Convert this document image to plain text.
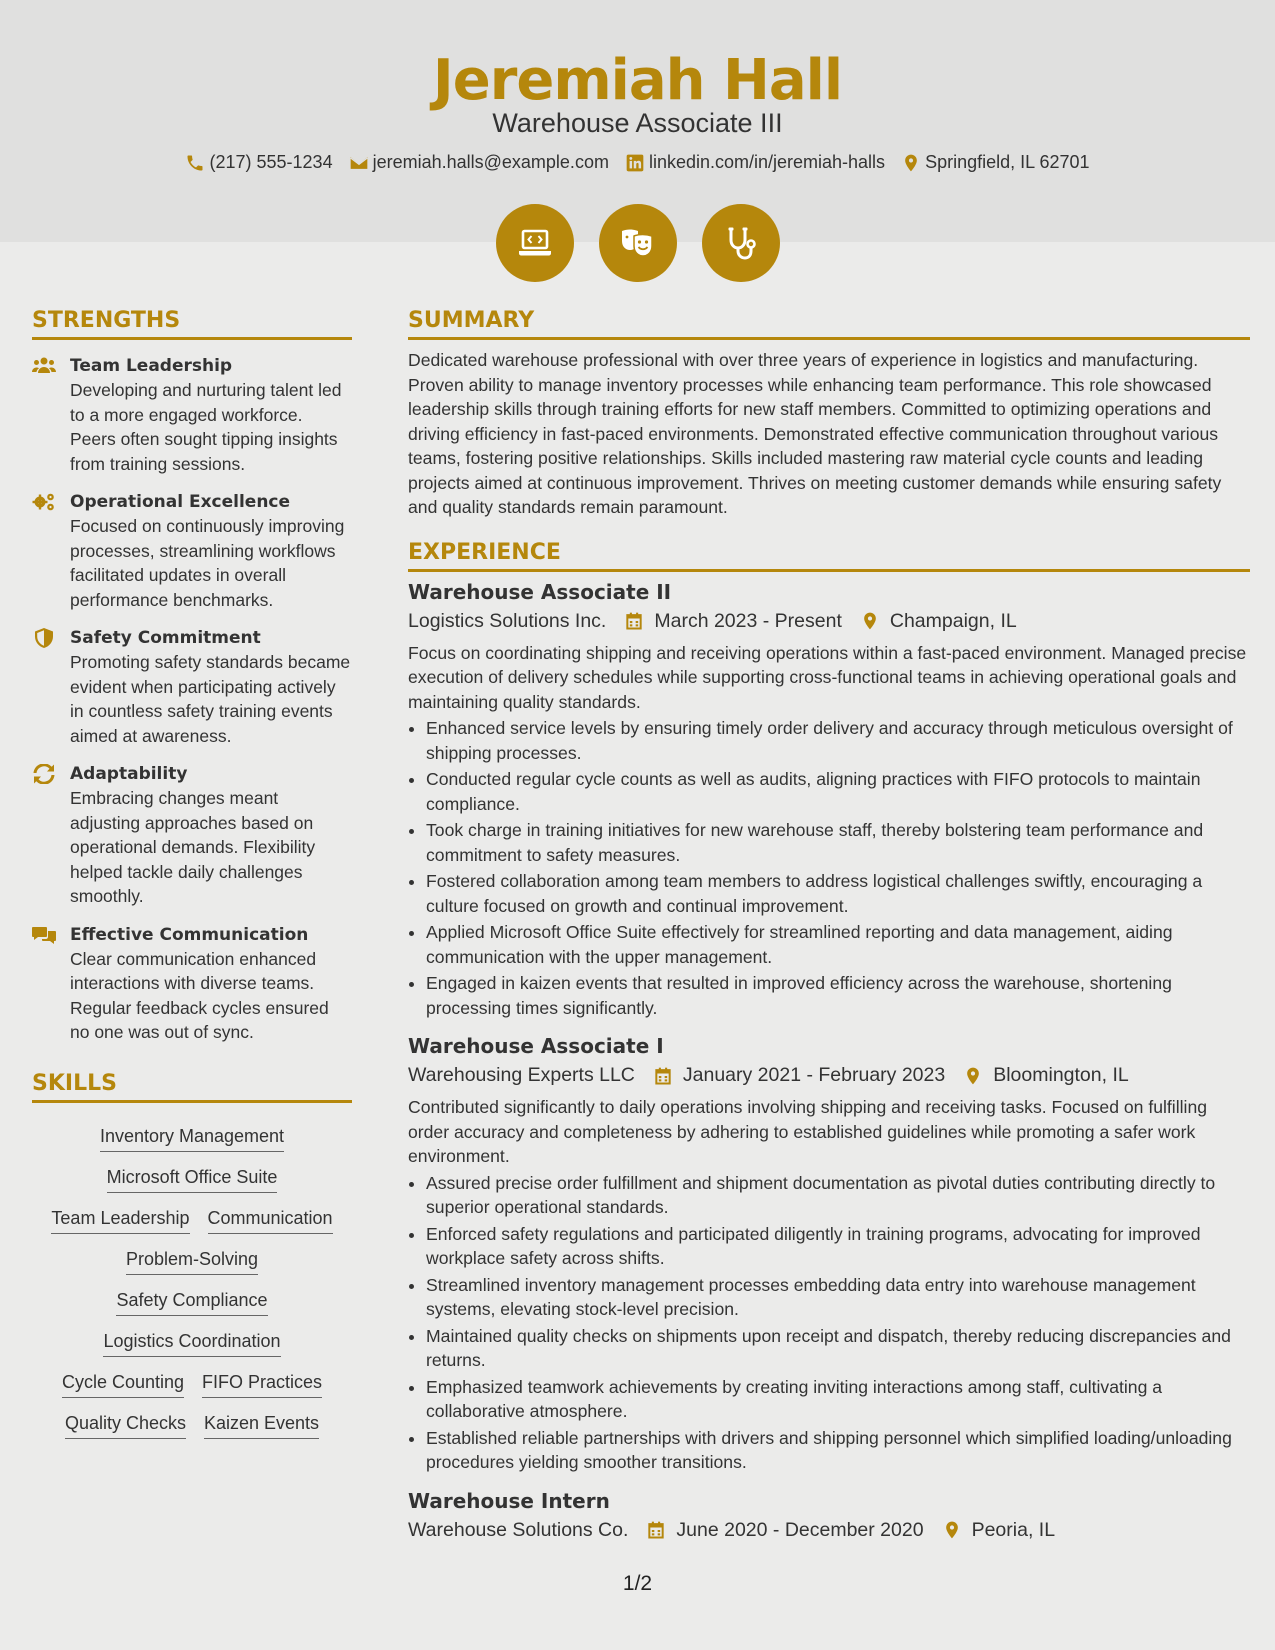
Jeremiah Hall
Warehouse Associate III
(217) 555-1234 jeremiah.halls@example.com linkedin.com/in/jeremiah-halls Springfield, IL 62701
STRENGTHS
Team Leadership
Developing and nurturing talent led to a more engaged workforce. Peers often sought tipping insights from training sessions.
Operational Excellence
Focused on continuously improving processes, streamlining workflows facilitated updates in overall performance benchmarks.
Safety Commitment
Promoting safety standards became evident when participating actively in countless safety training events aimed at awareness.
Adaptability
Embracing changes meant adjusting approaches based on operational demands. Flexibility helped tackle daily challenges smoothly.
Effective Communication
Clear communication enhanced interactions with diverse teams. Regular feedback cycles ensured no one was out of sync.
SKILLS
Inventory Management
Microsoft Office Suite
Team Leadership Communication
Problem-Solving
Safety Compliance
Logistics Coordination
Cycle Counting FIFO Practices
Quality Checks Kaizen Events
SUMMARY

Dedicated warehouse professional with over three years of experience in logistics and manufacturing. Proven ability to manage inventory processes while enhancing team performance. This role showcased leadership skills through training efforts for new staff members. Committed to optimizing operations and driving efficiency in fast-paced environments. Demonstrated effective communication throughout various teams, fostering positive relationships. Skills included mastering raw material cycle counts and leading projects aimed at continuous improvement. Thrives on meeting customer demands while ensuring safety and quality standards remain paramount.

EXPERIENCE
Warehouse Associate II
Logistics Solutions Inc. March 2023 - Present Champaign, IL

Focus on coordinating shipping and receiving operations within a fast-paced environment. Managed precise execution of delivery schedules while supporting cross-functional teams in achieving operational goals and maintaining quality standards.

• Enhanced service levels by ensuring timely order delivery and accuracy through meticulous oversight of shipping processes.
• Conducted regular cycle counts as well as audits, aligning practices with FIFO protocols to maintain compliance.
• Took charge in training initiatives for new warehouse staff, thereby bolstering team performance and commitment to safety measures.
• Fostered collaboration among team members to address logistical challenges swiftly, encouraging a culture focused on growth and continual improvement.
• Applied Microsoft Office Suite effectively for streamlined reporting and data management, aiding communication with the upper management.
• Engaged in kaizen events that resulted in improved efficiency across the warehouse, shortening processing times significantly.
Warehouse Associate I
Warehousing Experts LLC January 2021 - February 2023 Bloomington, IL

Contributed significantly to daily operations involving shipping and receiving tasks. Focused on fulfilling order accuracy and completeness by adhering to established guidelines while promoting a safer work environment.

• Assured precise order fulfillment and shipment documentation as pivotal duties contributing directly to superior operational standards.
• Enforced safety regulations and participated diligently in training programs, advocating for improved workplace safety across shifts.
• Streamlined inventory management processes embedding data entry into warehouse management systems, elevating stock-level precision.
• Maintained quality checks on shipments upon receipt and dispatch, thereby reducing discrepancies and returns.
• Emphasized teamwork achievements by creating inviting interactions among staff, cultivating a collaborative atmosphere.
• Established reliable partnerships with drivers and shipping personnel which simplified loading/unloading procedures yielding smoother transitions.
Warehouse Intern
Warehouse Solutions Co. June 2020 - December 2020 Peoria, IL
1/2
